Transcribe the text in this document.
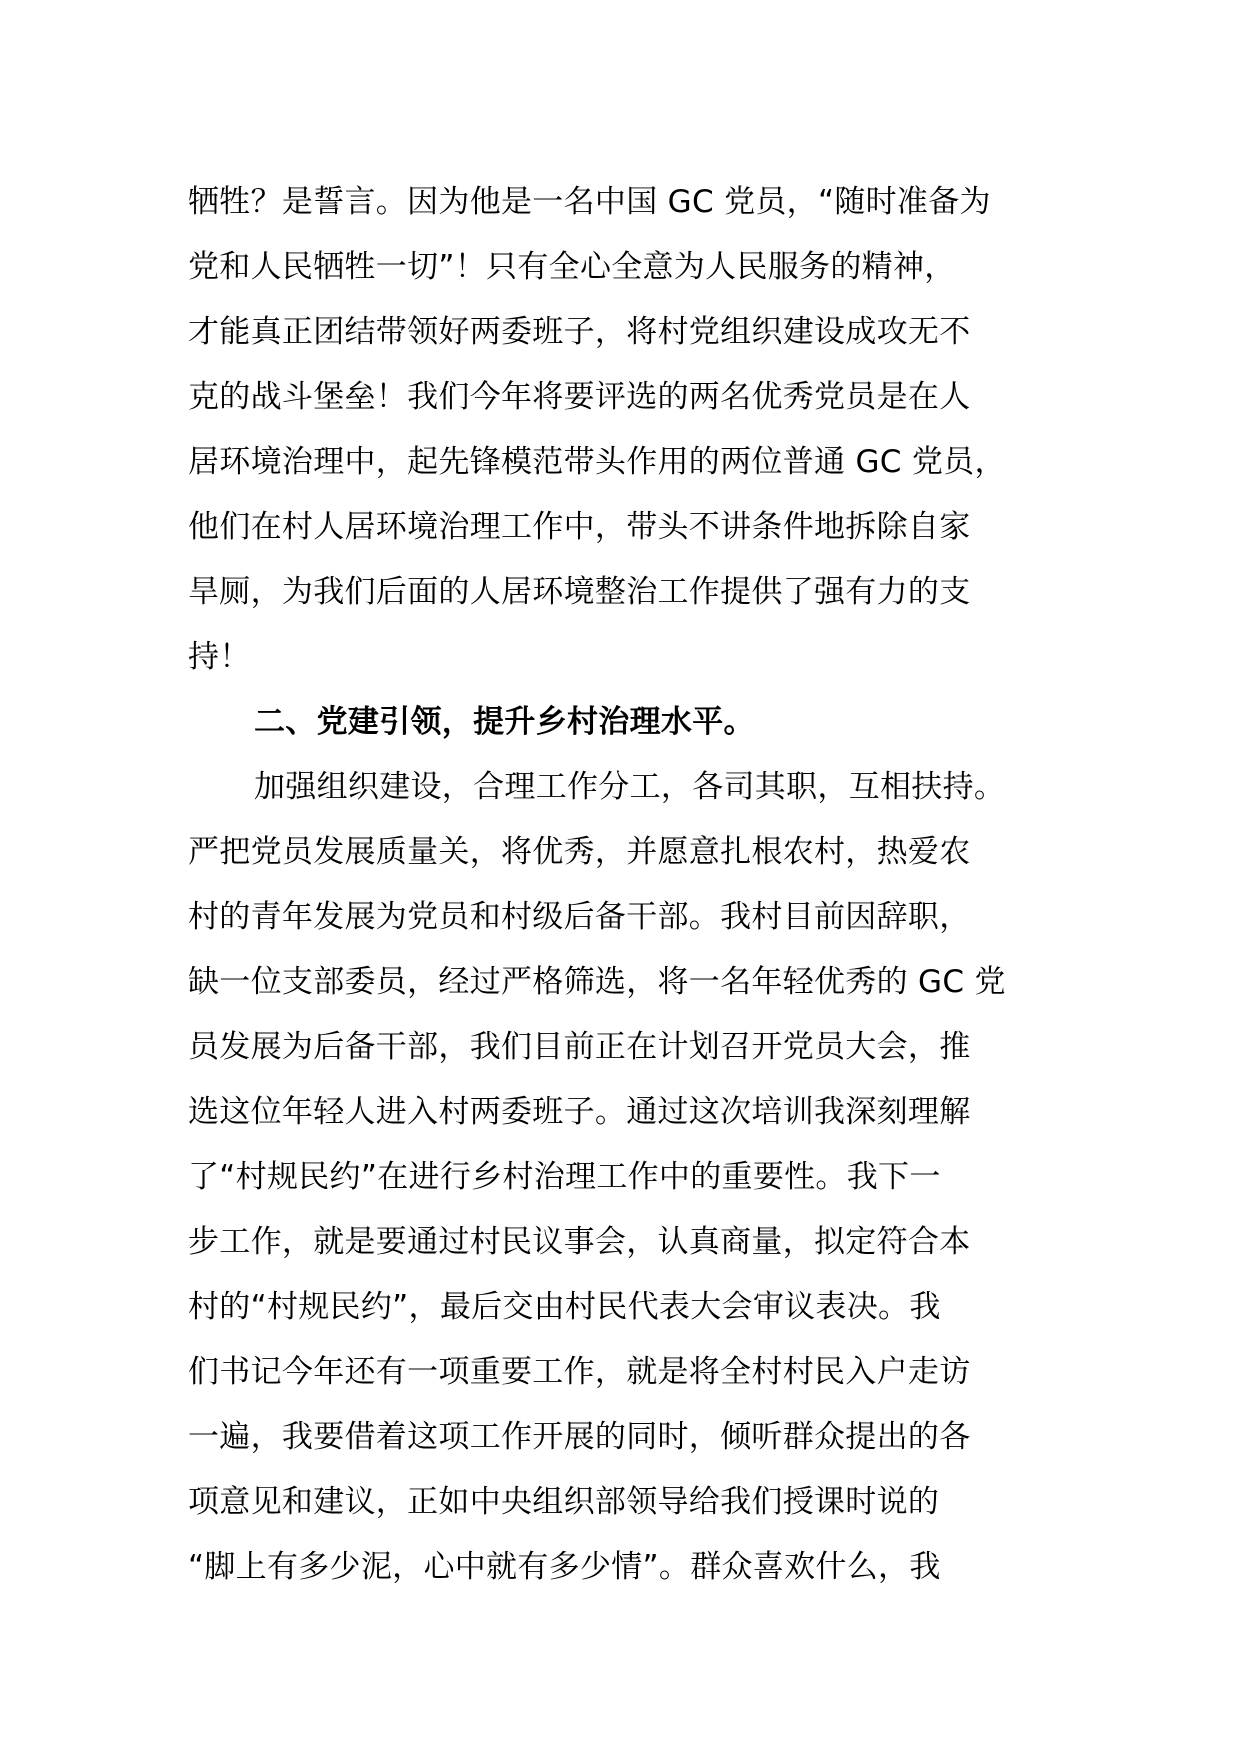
牺牲？是誓言。因为他是一名中国 GC 党员，“随时准备为
党和人民牺牲一切”！只有全心全意为人民服务的精神，
才能真正团结带领好两委班子，将村党组织建设成攻无不
克的战斗堡垒！我们今年将要评选的两名优秀党员是在人
居环境治理中，起先锋模范带头作用的两位普通 GC 党员，
他们在村人居环境治理工作中，带头不讲条件地拆除自家
旱厕，为我们后面的人居环境整治工作提供了强有力的支
持！
二、党建引领，提升乡村治理水平。
加强组织建设，合理工作分工，各司其职，互相扶持。
严把党员发展质量关，将优秀，并愿意扎根农村，热爱农
村的青年发展为党员和村级后备干部。我村目前因辞职，
缺一位支部委员，经过严格筛选，将一名年轻优秀的 GC 党
员发展为后备干部，我们目前正在计划召开党员大会，推
选这位年轻人进入村两委班子。通过这次培训我深刻理解
了“村规民约”在进行乡村治理工作中的重要性。我下一
步工作，就是要通过村民议事会，认真商量，拟定符合本
村的“村规民约”，最后交由村民代表大会审议表决。我
们书记今年还有一项重要工作，就是将全村村民入户走访
一遍，我要借着这项工作开展的同时，倾听群众提出的各
项意见和建议，正如中央组织部领导给我们授课时说的
“脚上有多少泥，心中就有多少情”。群众喜欢什么，我
